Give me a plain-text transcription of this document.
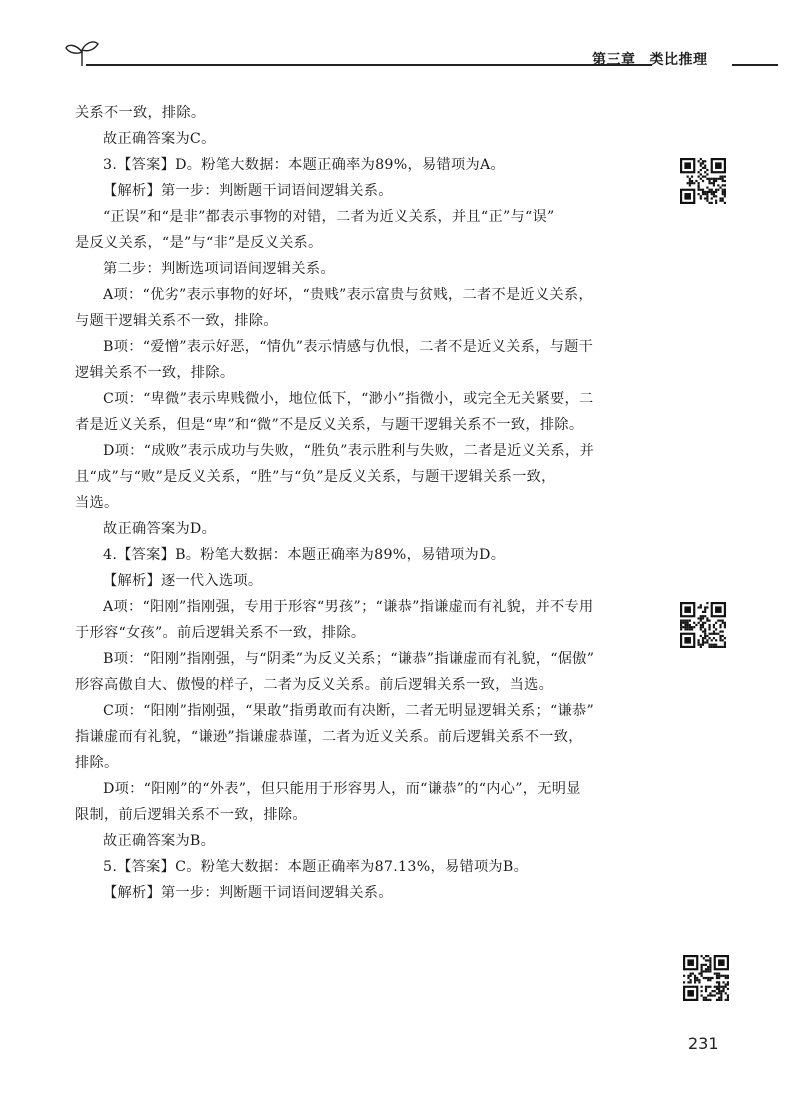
第三章 类比推理
关系不一致，排除。
故正确答案为C。
3.【答案】D。粉笔大数据：本题正确率为89%，易错项为A。
【解析】第一步：判断题干词语间逻辑关系。
“正误”和“是非”都表示事物的对错，二者为近义关系，并且“正”与“误”
是反义关系，“是”与“非”是反义关系。
第二步：判断选项词语间逻辑关系。
A项：“优劣”表示事物的好坏，“贵贱”表示富贵与贫贱，二者不是近义关系，
与题干逻辑关系不一致，排除。
B项：“爱憎”表示好恶，“情仇”表示情感与仇恨，二者不是近义关系，与题干
逻辑关系不一致，排除。
C项：“卑微”表示卑贱微小，地位低下，“渺小”指微小，或完全无关紧要，二
者是近义关系，但是“卑”和“微”不是反义关系，与题干逻辑关系不一致，排除。
D项：“成败”表示成功与失败，“胜负”表示胜利与失败，二者是近义关系，并
且“成”与“败”是反义关系，“胜”与“负”是反义关系，与题干逻辑关系一致，
当选。
故正确答案为D。
4.【答案】B。粉笔大数据：本题正确率为89%，易错项为D。
【解析】逐一代入选项。
A项：“阳刚”指刚强，专用于形容“男孩”；“谦恭”指谦虚而有礼貌，并不专用
于形容“女孩”。前后逻辑关系不一致，排除。
B项：“阳刚”指刚强，与“阴柔”为反义关系；“谦恭”指谦虚而有礼貌，“倨傲”
形容高傲自大、傲慢的样子，二者为反义关系。前后逻辑关系一致，当选。
C项：“阳刚”指刚强，“果敢”指勇敢而有决断，二者无明显逻辑关系；“谦恭”
指谦虚而有礼貌，“谦逊”指谦虚恭谨，二者为近义关系。前后逻辑关系不一致，
排除。
D项：“阳刚”的“外表”，但只能用于形容男人，而“谦恭”的“内心”，无明显
限制，前后逻辑关系不一致，排除。
故正确答案为B。
5.【答案】C。粉笔大数据：本题正确率为87.13%，易错项为B。
【解析】第一步：判断题干词语间逻辑关系。
231
